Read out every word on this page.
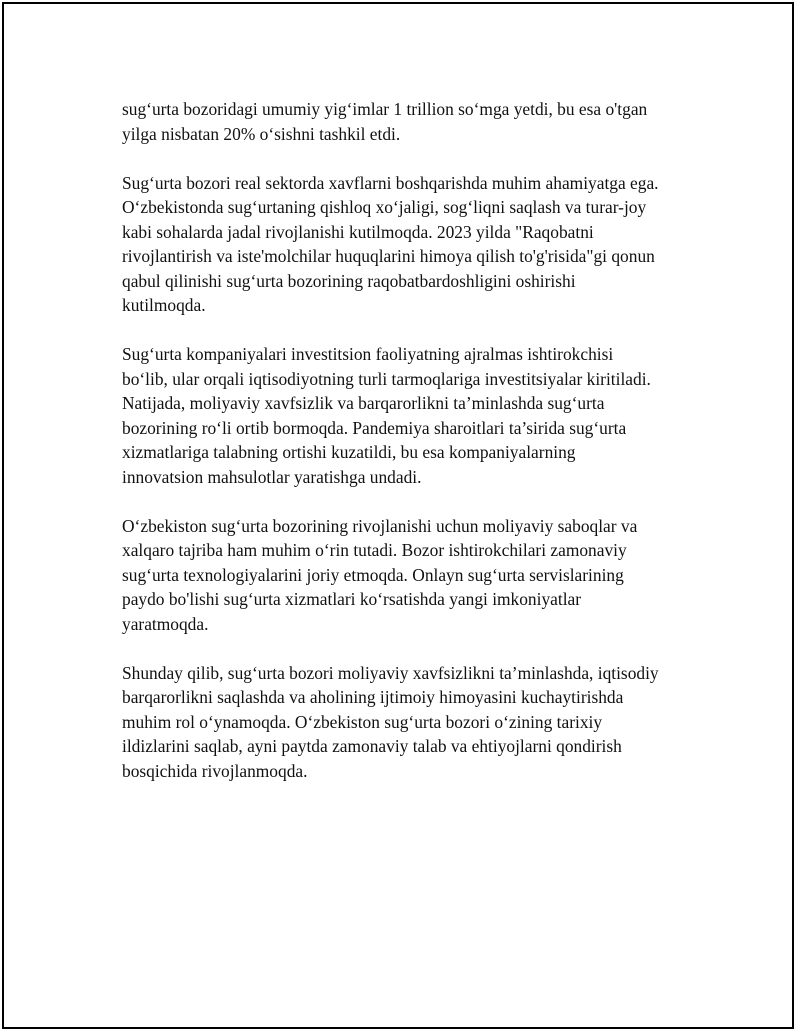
sug‘urta bozoridagi umumiy yig‘imlar 1 trillion so‘mga yetdi, bu esa o'tgan
yilga nisbatan 20% o‘sishni tashkil etdi.

Sug‘urta bozori real sektorda xavflarni boshqarishda muhim ahamiyatga ega.
O‘zbekistonda sug‘urtaning qishloq xo‘jaligi, sog‘liqni saqlash va turar-joy
kabi sohalarda jadal rivojlanishi kutilmoqda. 2023 yilda "Raqobatni
rivojlantirish va iste'molchilar huquqlarini himoya qilish to'g'risida"gi qonun
qabul qilinishi sug‘urta bozorining raqobatbardoshligini oshirishi
kutilmoqda.

Sug‘urta kompaniyalari investitsion faoliyatning ajralmas ishtirokchisi
bo‘lib, ular orqali iqtisodiyotning turli tarmoqlariga investitsiyalar kiritiladi.
Natijada, moliyaviy xavfsizlik va barqarorlikni ta’minlashda sug‘urta
bozorining ro‘li ortib bormoqda. Pandemiya sharoitlari ta’sirida sug‘urta
xizmatlariga talabning ortishi kuzatildi, bu esa kompaniyalarning
innovatsion mahsulotlar yaratishga undadi.

O‘zbekiston sug‘urta bozorining rivojlanishi uchun moliyaviy saboqlar va
xalqaro tajriba ham muhim o‘rin tutadi. Bozor ishtirokchilari zamonaviy
sug‘urta texnologiyalarini joriy etmoqda. Onlayn sug‘urta servislarining
paydo bo'lishi sug‘urta xizmatlari ko‘rsatishda yangi imkoniyatlar
yaratmoqda.

Shunday qilib, sug‘urta bozori moliyaviy xavfsizlikni ta’minlashda, iqtisodiy
barqarorlikni saqlashda va aholining ijtimoiy himoyasini kuchaytirishda
muhim rol o‘ynamoqda. O‘zbekiston sug‘urta bozori o‘zining tarixiy
ildizlarini saqlab, ayni paytda zamonaviy talab va ehtiyojlarni qondirish
bosqichida rivojlanmoqda.
